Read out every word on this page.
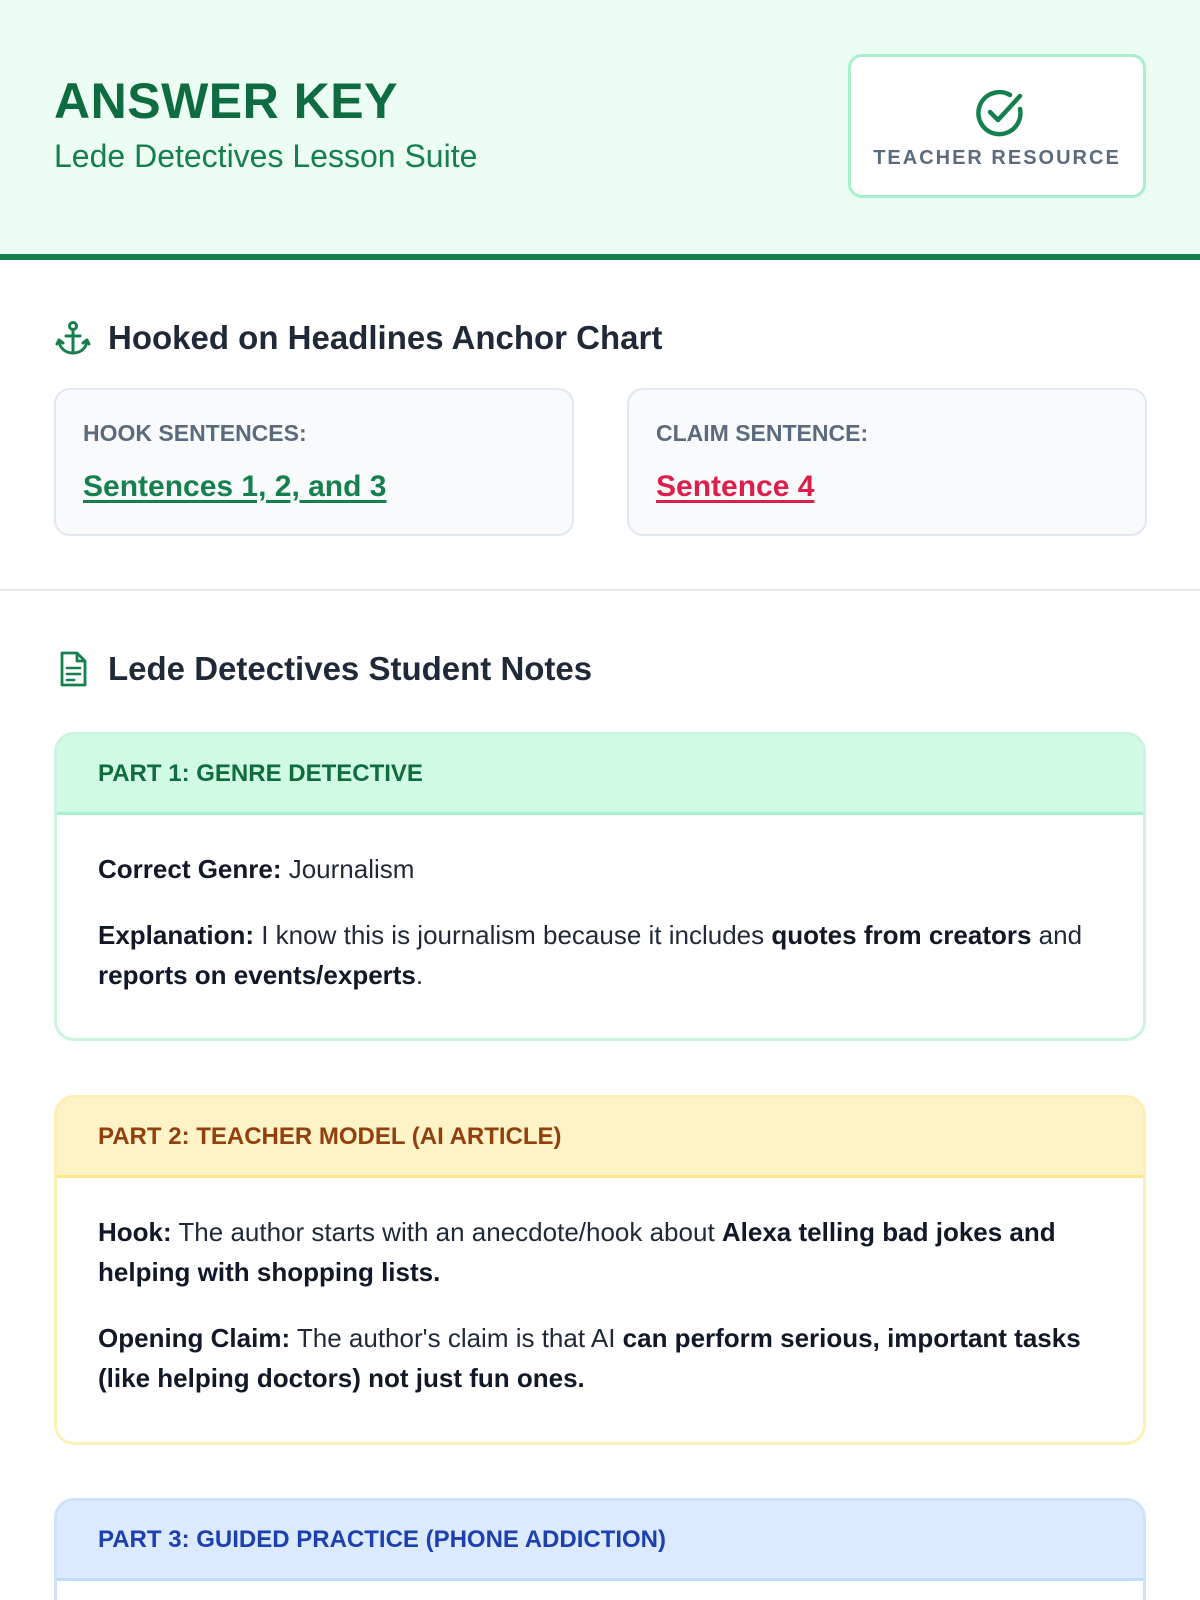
ANSWER KEY
Lede Detectives Lesson Suite	TEACHER RESOURCE
Hooked on Headlines Anchor Chart
HOOK SENTENCES:
Sentences 1, 2, and 3
CLAIM SENTENCE:
Sentence 4
Lede Detectives Student Notes
PART 1: GENRE DETECTIVE

Correct Genre: Journalism

Explanation: I know this is journalism because it includes quotes from creators and reports on events/experts.

PART 2: TEACHER MODEL (AI ARTICLE)

Hook: The author starts with an anecdote/hook about Alexa telling bad jokes and helping with shopping lists.

Opening Claim: The author's claim is that AI can perform serious, important tasks (like helping doctors) not just fun ones.

PART 3: GUIDED PRACTICE (PHONE ADDICTION)
